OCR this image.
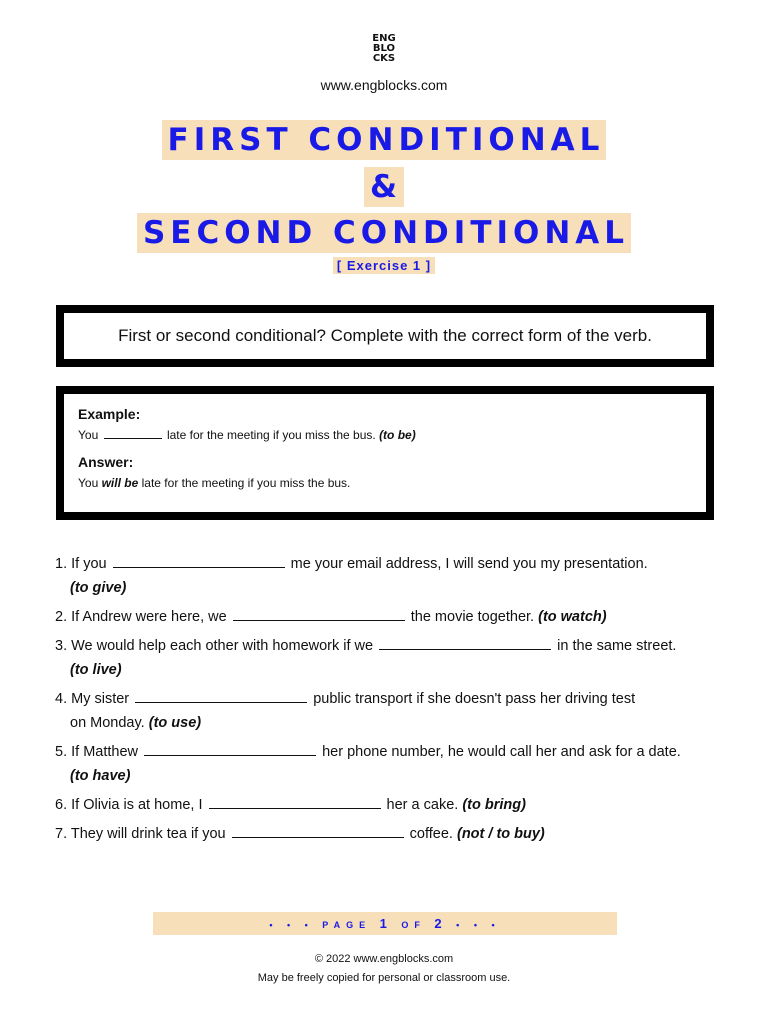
ENG
BLO
CKS
www.engblocks.com
FIRST CONDITIONAL
&
SECOND CONDITIONAL
[ Exercise 1 ]
First or second conditional? Complete with the correct form of the verb.
Example:
You	late for the meeting if you miss the bus. (to be)
Answer:
You will be late for the meeting if you miss the bus.
1. If you	me your email address, I will send you my presentation.
(to give)
2. If Andrew were here, we	the movie together. (to watch)
3. We would help each other with homework if we	in the same street.
(to live)
4. My sister	public transport if she doesn't pass her driving test
on Monday. (to use)
5. If Matthew	her phone number, he would call her and ask for a date.
(to have)
6. If Olivia is at home, I	her a cake. (to bring)
7. They will drink tea if you	coffee. (not / to buy)
• • • PAGE 1 OF 2 • • •
© 2022 www.engblocks.com
May be freely copied for personal or classroom use.
